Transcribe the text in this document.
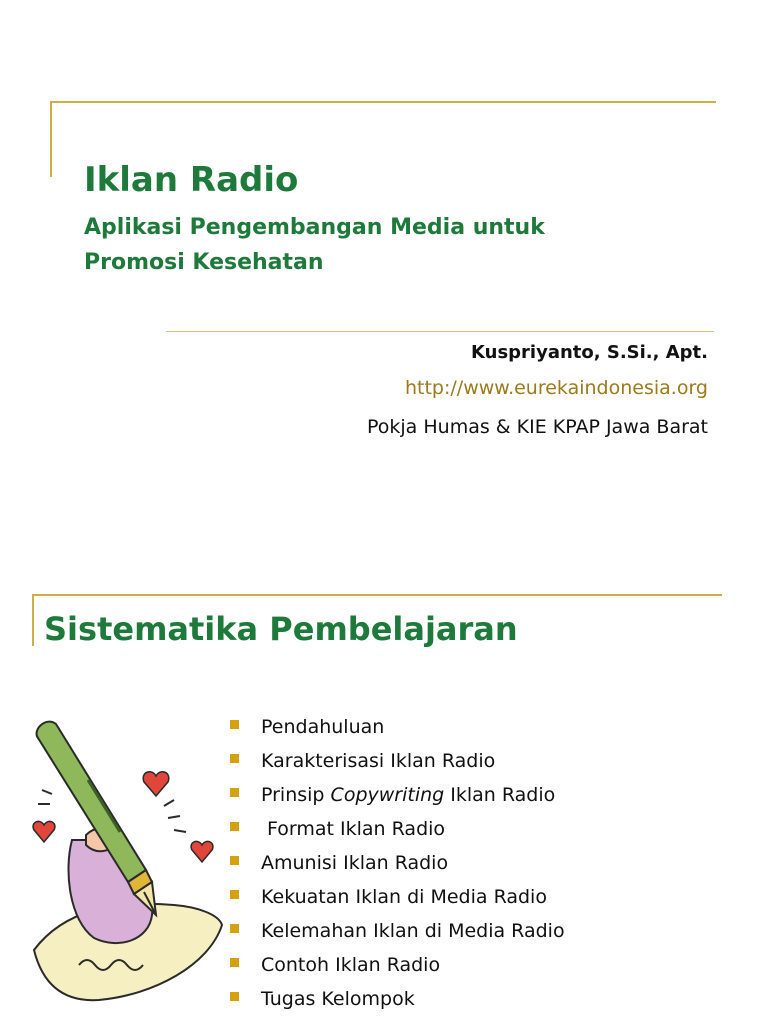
Iklan Radio
Aplikasi Pengembangan Media untuk
Promosi Kesehatan
Kuspriyanto, S.Si., Apt.
http://www.eurekaindonesia.org
Pokja Humas & KIE KPAP Jawa Barat
Sistematika Pembelajaran
Pendahuluan
Karakterisasi Iklan Radio
Prinsip Copywriting Iklan Radio
Format Iklan Radio
Amunisi Iklan Radio
Kekuatan Iklan di Media Radio
Kelemahan Iklan di Media Radio
Contoh Iklan Radio
Tugas Kelompok
